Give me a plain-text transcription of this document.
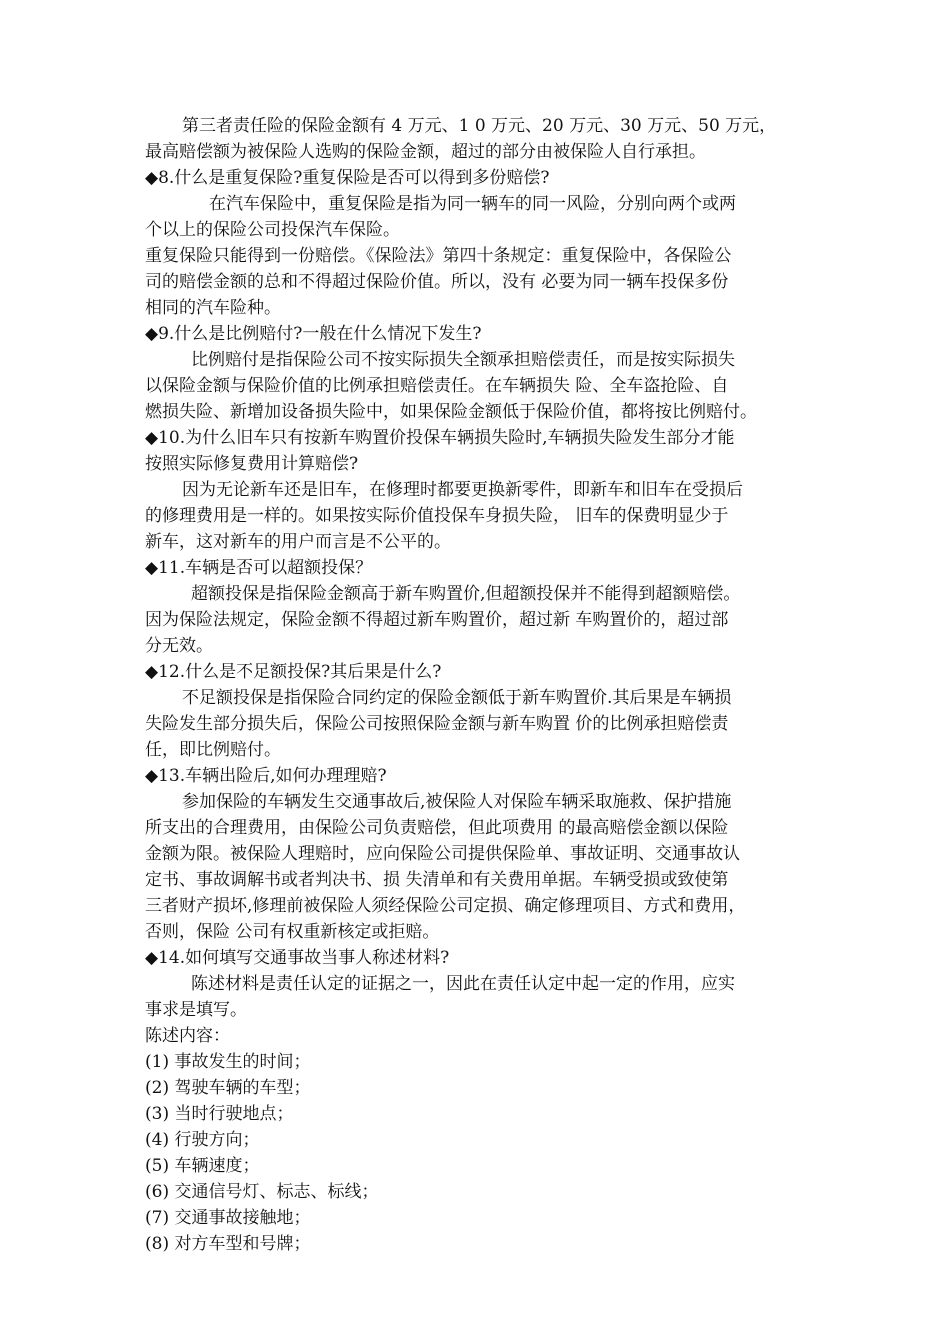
第三者责任险的保险金额有 4 万元、1 0 万元、20 万元、30 万元、50 万元，
最高赔偿额为被保险人选购的保险金额，超过的部分由被保险人自行承担。
◆8.什么是重复保险?重复保险是否可以得到多份赔偿?
在汽车保险中，重复保险是指为同一辆车的同一风险，分别向两个或两
个以上的保险公司投保汽车保险。
重复保险只能得到一份赔偿。《保险法》第四十条规定：重复保险中，各保险公
司的赔偿金额的总和不得超过保险价值。所以，没有 必要为同一辆车投保多份
相同的汽车险种。
◆9.什么是比例赔付?一般在什么情况下发生?
比例赔付是指保险公司不按实际损失全额承担赔偿责任，而是按实际损失
以保险金额与保险价值的比例承担赔偿责任。在车辆损失 险、全车盗抢险、自
燃损失险、新增加设备损失险中，如果保险金额低于保险价值，都将按比例赔付。
◆10.为什么旧车只有按新车购置价投保车辆损失险时,车辆损失险发生部分才能
按照实际修复费用计算赔偿?
因为无论新车还是旧车，在修理时都要更换新零件，即新车和旧车在受损后
的修理费用是一样的。如果按实际价值投保车身损失险， 旧车的保费明显少于
新车，这对新车的用户而言是不公平的。
◆11.车辆是否可以超额投保？
超额投保是指保险金额高于新车购置价,但超额投保并不能得到超额赔偿。
因为保险法规定，保险金额不得超过新车购置价，超过新 车购置价的，超过部
分无效。
◆12.什么是不足额投保?其后果是什么?
不足额投保是指保险合同约定的保险金额低于新车购置价.其后果是车辆损
失险发生部分损失后，保险公司按照保险金额与新车购置 价的比例承担赔偿责
任，即比例赔付。
◆13.车辆出险后,如何办理理赔?
参加保险的车辆发生交通事故后,被保险人对保险车辆采取施救、保护措施
所支出的合理费用，由保险公司负责赔偿，但此项费用 的最高赔偿金额以保险
金额为限。被保险人理赔时，应向保险公司提供保险单、事故证明、交通事故认
定书、事故调解书或者判决书、损 失清单和有关费用单据。车辆受损或致使第
三者财产损坏,修理前被保险人须经保险公司定损、确定修理项目、方式和费用，
否则，保险 公司有权重新核定或拒赔。
◆14.如何填写交通事故当事人称述材料?
陈述材料是责任认定的证据之一，因此在责任认定中起一定的作用，应实
事求是填写。
陈述内容：
(1) 事故发生的时间；
(2) 驾驶车辆的车型；
(3) 当时行驶地点；
(4) 行驶方向；
(5) 车辆速度；
(6) 交通信号灯、标志、标线；
(7) 交通事故接触地；
(8) 对方车型和号牌；
